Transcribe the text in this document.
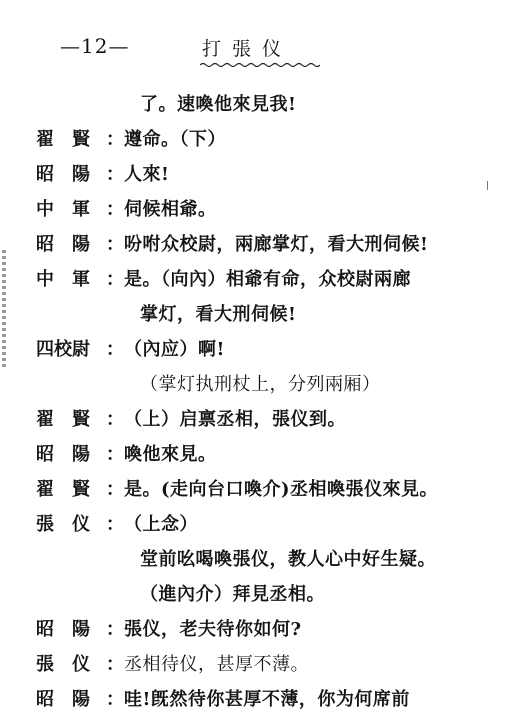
—12—	打張仪
了。速喚他來見我!
翟　賢 ： 遵命。（下）
昭　陽 ： 人來!
中　軍 ： 伺候相爺。
昭　陽 ： 吩咐众校尉，兩廊掌灯，看大刑伺候!
中　軍 ： 是。（向內）相爺有命，众校尉兩廊
掌灯，看大刑伺候!
四校尉 ： （內应）啊!
（掌灯执刑杖上，分列兩厢）
翟　賢 ： （上）启禀丞相，張仪到。
昭　陽 ： 喚他來見。
翟　賢 ： 是。(走向台口喚介)丞相喚張仪來見。
張　仪 ： （上念）
堂前吆喝喚張仪，教人心中好生疑。
（進內介）拜見丞相。
昭　陽 ： 張仪，老夫待你如何?
張　仪 ： 丞相待仪，甚厚不薄。
昭　陽 ： 哇!旣然待你甚厚不薄，你为何席前
